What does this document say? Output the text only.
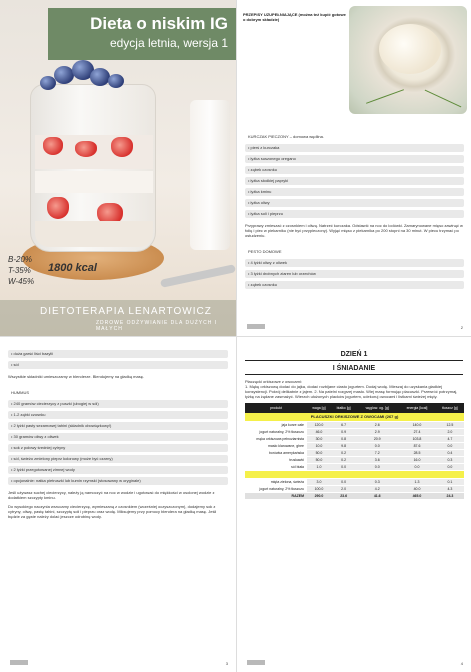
Dieta o niskim IG
edycja letnia, wersja 1
B-20%
T-35%
W-45%
1800 kcal
DIETOTERAPIA LENARTOWICZ
ZDROWE ODŻYWIANIE DLA DUŻYCH I MAŁYCH
PRZEPISY UZUPEŁNIAJĄCE (można też kupić gotowe o dobrym składzie)
KURCZAK PIECZONY – domowa wędlina.
• pierś z kurczaka
• łyżka suszonego oregano
• ząbek czosnku
• łyżka słodkiej papryki
• łyżka kminu
• łyżka oliwy
• łyżka soli i pieprzu
Przyprawy zmieszać z czosnkiem i oliwą. Natrzeć kurczaka. Odstawić na noc do lodówki. Zamarynowane mięso zawinąć w folię i piec w piekarniku (nie być przypieczony). Wyjąć mięso z piekarnika po 200 stopni na 30 minut. W piecu trzymać po ostudzeniu.
PESTO DOMOWE
• 4 łyżki oliwy z oliwek
• 3 łyżki drobnych ziaren lub orzechów
• ząbek czosnku
2
• duża garść liści bazylii
• sól
Wszystkie składniki umieszczamy w blenderze. Blendujemy na gładką masę.
HUMMUS
• 240 gramów ciecierzycy z puszki (ubogiej w sól)
• 1-2 ząbki czosnku
• 2 łyżki pasty sezamowej tahini (składnik obowiązkowy!)
• 30 gramów oliwy z oliwek
• sok z połowy średniej cytryny
• sól, świeżo zmielony pieprz kolorowy (może być czarny)
• 2 łyżki przegotowanej zimnej wody
• opcjonalnie: natka pietruszki lub kumin rzymski (stosowany w oryginale)
Jeśli używasz suchej ciecierzycy, należy ją namoczyć na noc w wodzie i ugotować do miękkości w osolonej wodzie z dodatkiem szczypty kminu.
Do wysokiego naczynia wrzucamy ciecierzycę, wymieszaną z czosnkiem (wcześniej oczyszczonym), dodajemy sok z cytryny, oliwę, pastę tahini, szczyptę soli i pieprzu oraz wodę. Miksujemy przy pomocy blendera na gładką masę. Jeśli będzie za gęste należy dolać jeszcze odrobinę wody.
3
DZIEŃ 1
I ŚNIADANIE
Płaczącki orkiszowe z owocami:
1. Mąkę orkiszową dodać do jajka, dodać rozbijane ciasto jogurtem. Dodaj wodę. Mieszaj do uzyskania gładkiej konsystencji. Pokrój delikatnie z jajem. 2. Na patelni rozgrzej masło. Wlej masę formując placuszki. Przewróć potrzymaj, łyżkę na żądane zasmażyć. Wierzch ułożonych placków jogurtem, udekoruj owocami i listkami świeżej mięty.
produkt	waga [g]	białko [g]	węglow. og. [g]	energia [kcal]	tłuszcz [g]
PLACUSZKI ORKISZOWE Z OWOCAMI (267 g)					
jaja kurze całe	120.0	6.7	2.6	140.0	12.5
jogurt naturalny, 2% tłuszczu	46.0	0.9	2.9	27.4	2.0
mąka orkiszowa pełnoziarnista	30.0	0.8	20.9	103.8	4.7
masło klarowane, ghee	10.0	9.8	0.0	87.6	0.0
borówka amerykańska	50.0	0.2	7.2	28.5	0.4
truskawki	50.0	0.2	3.6	16.0	0.3
sól biała	1.0	0.0	0.0	0.0	0.0

mięta zielona, świeża	3.0	0.0	0.3	1.3	0.1
jogurt naturalny, 2% tłuszczu	100.0	2.0	4.2	40.0	4.3
RAZEM	290.0	23.6	41.6	465.0	24.3
4
